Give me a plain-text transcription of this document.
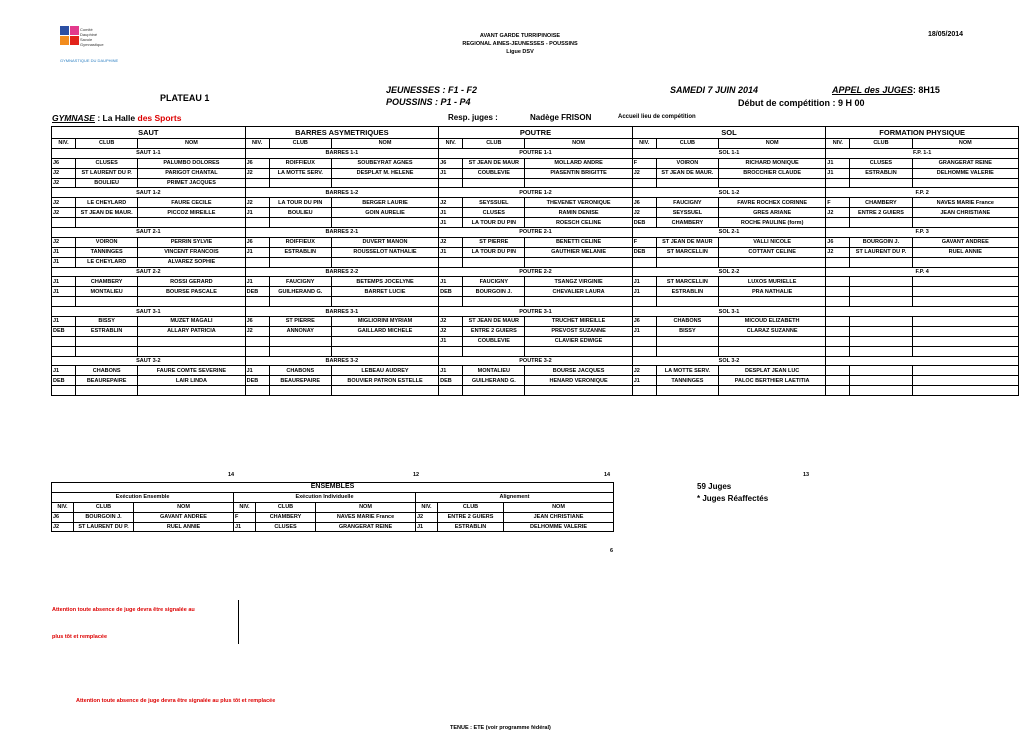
Comité
Dauphiné
Savoie
Gymnastique
GYMNASTIQUE DU DAUPHINE
AVANT GARDE TURRIPINOISE
REGIONAL AINES-JEUNESSES - POUSSINS
Ligue DSV
18/05/2014
PLATEAU 1
JEUNESSES : F1 - F2
POUSSINS : P1 - P4
SAMEDI 7 JUIN 2014	APPEL des JUGES: 8H15
Début de compétition : 9 H 00
GYMNASE : La Halle des Sports	Resp. juges :	Nadège FRISON	Accueil lieu de compétition
SAUT			BARRES ASYMETRIQUES			POUTRE			SOL			FORMATION PHYSIQUE		
NIV.	CLUB	NOM	NIV.	CLUB	NOM	NIV.	CLUB	NOM	NIV.	CLUB	NOM	NIV.	CLUB	NOM
SAUT 1-1			BARRES 1-1			POUTRE 1-1			SOL 1-1			F.P. 1-1		
J6	CLUSES	PALUMBO DOLORES	J6	ROIFFIEUX	SOUBEYRAT AGNES	J6	ST JEAN DE MAUR	MOLLARD ANDRE	F	VOIRON	RICHARD MONIQUE	J1	CLUSES	GRANGERAT REINE
J2	ST LAURENT DU P.	PARIGOT CHANTAL	J2	LA MOTTE SERV.	DESPLAT M. HELENE	J1	COUBLEVIE	PIASENTIN BRIGITTE	J2	ST JEAN DE MAUR.	BROCCHIER CLAUDE	J1	ESTRABLIN	DELHOMME VALERIE
J2	BOULIEU	PRIMET JACQUES												
SAUT 1-2			BARRES 1-2			POUTRE 1-2			SOL 1-2			F.P. 2		
J2	LE CHEYLARD	FAURE CECILE	J2	LA TOUR DU PIN	BERGER LAURIE	J2	SEYSSUEL	THEVENET VERONIQUE	J6	FAUCIGNY	FAVRE ROCHEX CORINNE	F	CHAMBERY	NAVES MARIE France
J2	ST JEAN DE MAUR.	PICCOZ MIREILLE	J1	BOULIEU	GOIN AURELIE	J1	CLUSES	RAMIN DENISE	J2	SEYSSUEL	GRES ARIANE	J2	ENTRE 2 GUIERS	JEAN CHRISTIANE
						J1	LA TOUR DU PIN	ROESCH CELINE	DEB	CHAMBERY	ROCHE PAULINE (form)			
SAUT 2-1			BARRES 2-1			POUTRE 2-1			SOL 2-1			F.P. 3		
J2	VOIRON	PERRIN SYLVIE	J6	ROIFFIEUX	DUVERT MANON	J2	ST PIERRE	BENETTI CELINE	F	ST JEAN DE MAUR	VALLI NICOLE	J6	BOURGOIN J.	GAVANT ANDREE
J1	TANNINGES	VINCENT FRANCOIS	J1	ESTRABLIN	ROUSSELOT NATHALIE	J1	LA TOUR DU PIN	GAUTHIER MELANIE	DEB	ST MARCELLIN	COTTANT CELINE	J2	ST LAURENT DU P.	RUEL ANNIE
J1	LE CHEYLARD	ALVAREZ SOPHIE												
SAUT 2-2			BARRES 2-2			POUTRE 2-2			SOL 2-2			F.P. 4		
J1	CHAMBERY	ROSSI GERARD	J1	FAUCIGNY	BETEMPS JOCELYNE	J1	FAUCIGNY	TSANGZ VIRGINIE	J1	ST MARCELLIN	LUXOS MURIELLE			
J1	MONTALIEU	BOURSE PASCALE	DEB	GUILHERAND G.	BARRET LUCIE	DEB	BOURGOIN J.	CHEVALIER LAURA	J1	ESTRABLIN	PRA NATHALIE			

SAUT 3-1			BARRES 3-1			POUTRE 3-1			SOL 3-1					
J1	BISSY	MUZET MAGALI	J6	ST PIERRE	MIGLIORINI MYRIAM	J2	ST JEAN DE MAUR	TRUCHET MIREILLE	J6	CHABONS	MICOUD ELIZABETH			
DEB	ESTRABLIN	ALLARY PATRICIA	J2	ANNONAY	GAILLARD MICHELE	J2	ENTRE 2 GUIERS	PREVOST SUZANNE	J1	BISSY	CLARAZ SUZANNE			
						J1	COUBLEVIE	CLAVIER EDWIGE						

SAUT 3-2			BARRES 3-2			POUTRE 3-2			SOL 3-2					
J1	CHABONS	FAURE COMTE SEVERINE	J1	CHABONS	LEBEAU AUDREY	J1	MONTALIEU	BOURSE JACQUES	J2	LA MOTTE SERV.	DESPLAT JEAN LUC			
DEB	BEAUREPAIRE	LAIR LINDA	DEB	BEAUREPAIRE	BOUVIER PATRON ESTELLE	DEB	GUILHERAND G.	HENARD VERONIQUE	J1	TANNINGES	PALOC BERTHIER LAETITIA			

14	12	14	13
6
59 Juges
* Juges Réaffectés
ENSEMBLES								
Exécution Ensemble			Exécution Individuelle			Alignement		
NIV.	CLUB	NOM	NIV.	CLUB	NOM	NIV.	CLUB	NOM
J6	BOURGOIN J.	GAVANT ANDREE	F	CHAMBERY	NAVES MARIE France	J2	ENTRE 2 GUIERS	JEAN CHRISTIANE
J2	ST LAURENT DU P.	RUEL ANNIE	J1	CLUSES	GRANGERAT REINE	J1	ESTRABLIN	DELHOMME VALERIE
Attention toute absence de juge devra être signalée au
plus tôt et remplacée
Attention toute absence de juge devra être signalée au plus tôt et remplacée
TENUE : ETE (voir programme fédéral)
